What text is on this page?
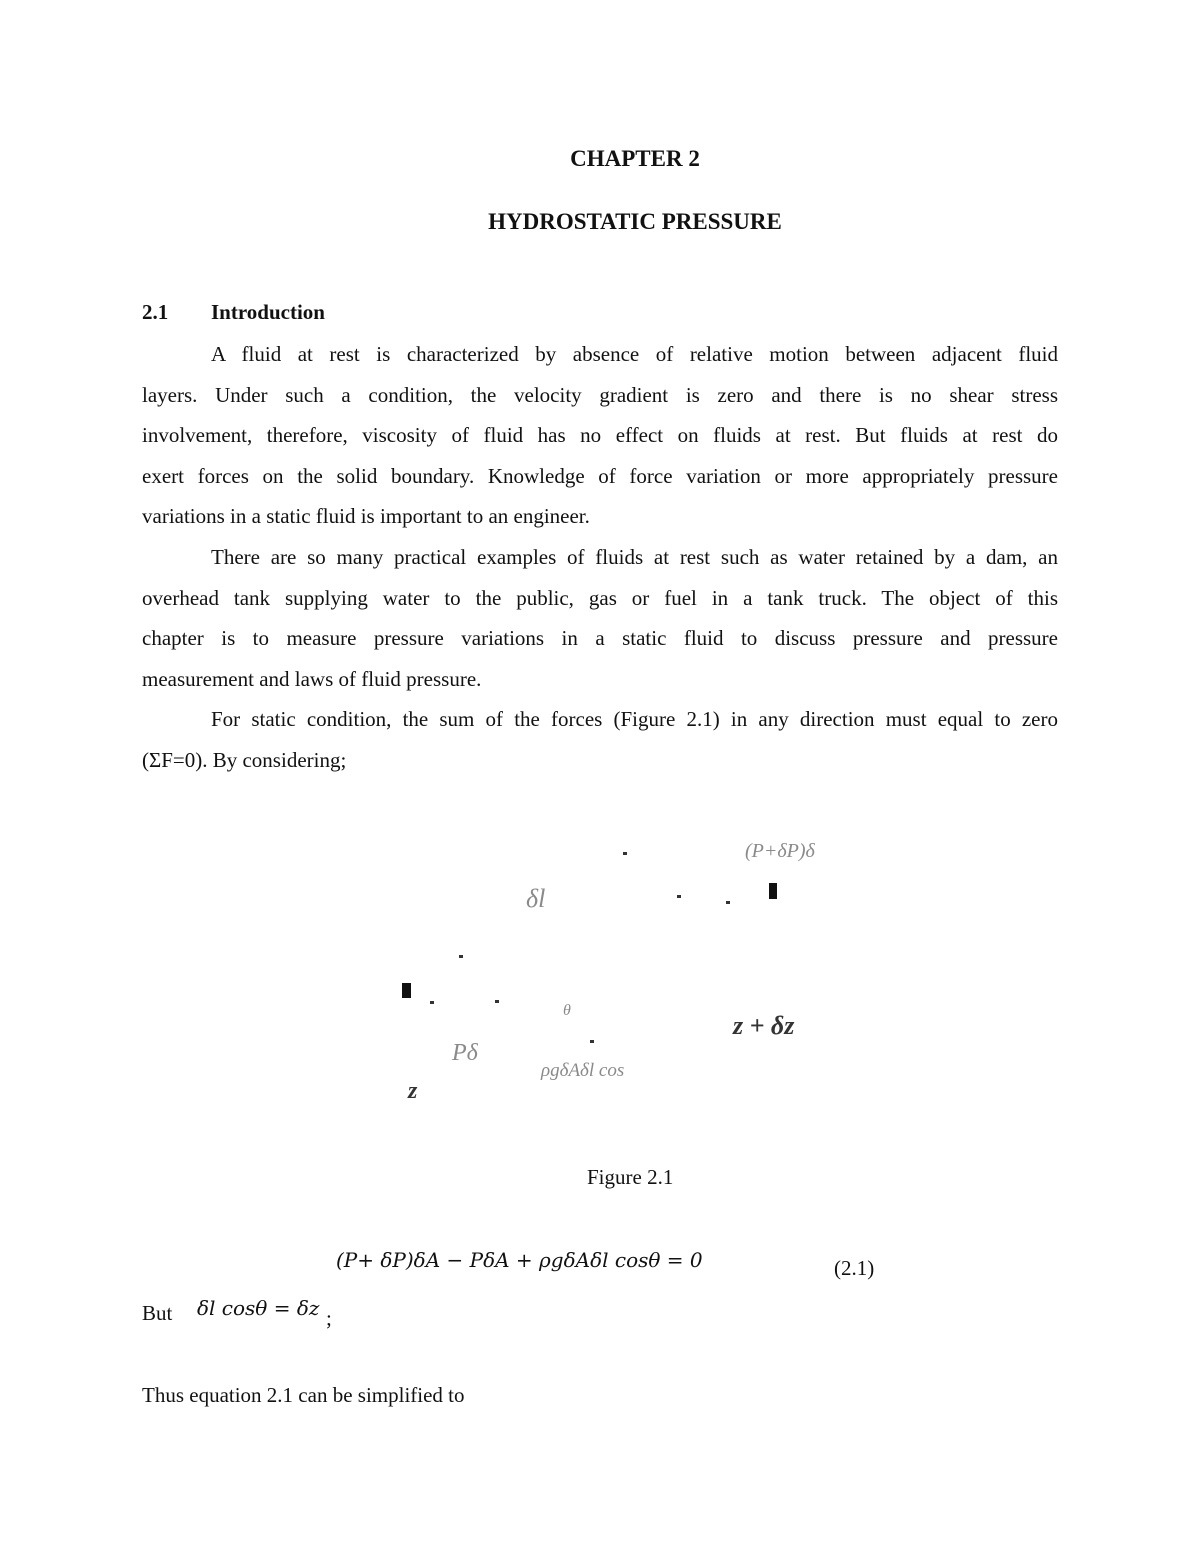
CHAPTER 2
HYDROSTATIC PRESSURE
2.1 Introduction
A fluid at rest is characterized by absence of relative motion between adjacent fluid
layers. Under such a condition, the velocity gradient is zero and there is no shear stress
involvement, therefore, viscosity of fluid has no effect on fluids at rest. But fluids at rest do
exert forces on the solid boundary. Knowledge of force variation or more appropriately pressure
variations in a static fluid is important to an engineer.
There are so many practical examples of fluids at rest such as water retained by a dam, an
overhead tank supplying water to the public, gas or fuel in a tank truck. The object of this
chapter is to measure pressure variations in a static fluid to discuss pressure and pressure
measurement and laws of fluid pressure.
For static condition, the sum of the forces (Figure 2.1) in any direction must equal to zero
(ΣF=0). By considering;
(P+δP)δ
δl
θ
z + δz
Pδ
ρgδAδl cos
z
Figure 2.1
(P+ δP)δA − PδA + ρgδAδl cosθ = 0	(2.1)
But δl cosθ = δz ;
Thus equation 2.1 can be simplified to
